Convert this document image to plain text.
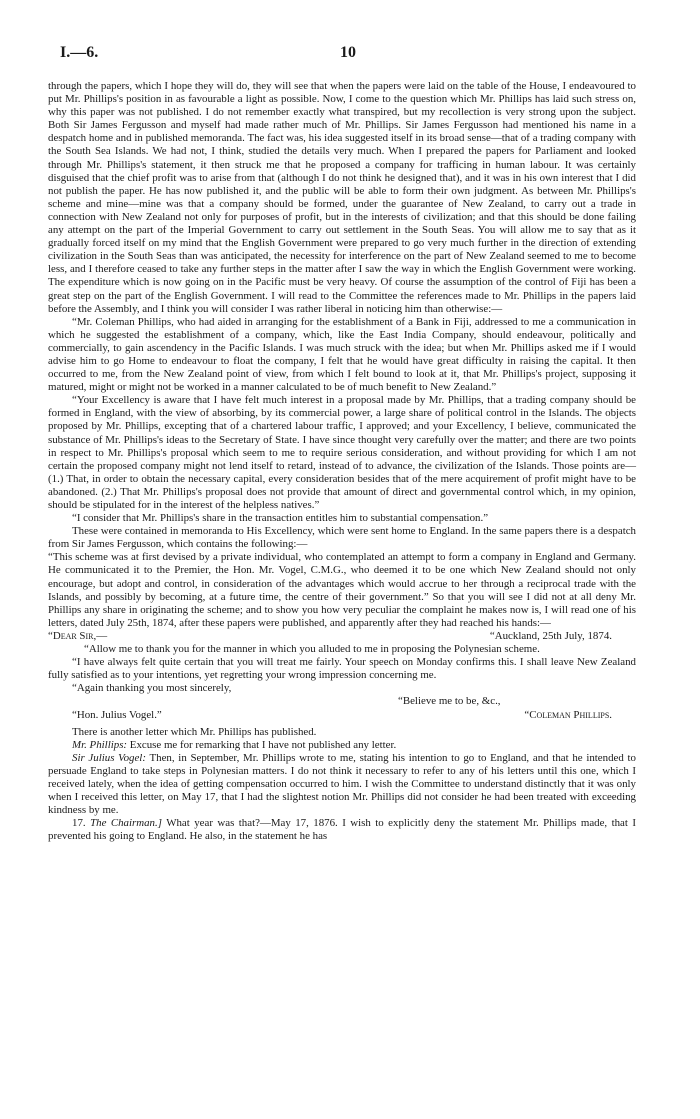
I.—6.	10

through the papers, which I hope they will do, they will see that when the papers were laid on the table of the House, I endeavoured to put Mr. Phillips's position in as favourable a light as possible. Now, I come to the question which Mr. Phillips has laid such stress on, why this paper was not published. I do not remember exactly what transpired, but my recollection is very strong upon the subject. Both Sir James Fergusson and myself had made rather much of Mr. Phillips. Sir James Fergusson had mentioned his name in a despatch home and in published memoranda. The fact was, his idea suggested itself in its broad sense—that of a trading company with the South Sea Islands. We had not, I think, studied the details very much. When I prepared the papers for Parliament and looked through Mr. Phillips's statement, it then struck me that he proposed a company for trafficing in human labour. It was certainly disguised that the chief profit was to arise from that (although I do not think he designed that), and it was in his own interest that I did not publish the paper. He has now published it, and the public will be able to form their own judgment. As between Mr. Phillips's scheme and mine—mine was that a company should be formed, under the guarantee of New Zealand, to carry out a trade in connection with New Zealand not only for purposes of profit, but in the interests of civilization; and that this should be done failing any attempt on the part of the Imperial Government to carry out settlement in the South Seas. You will allow me to say that as it gradually forced itself on my mind that the English Government were prepared to go very much further in the direction of extending civilization in the South Seas than was anticipated, the necessity for interference on the part of New Zealand seemed to me to become less, and I therefore ceased to take any further steps in the matter after I saw the way in which the English Government were working. The expenditure which is now going on in the Pacific must be very heavy. Of course the assumption of the control of Fiji has been a great step on the part of the English Government. I will read to the Committee the references made to Mr. Phillips in the papers laid before the Assembly, and I think you will consider I was rather liberal in noticing him than otherwise:—

“Mr. Coleman Phillips, who had aided in arranging for the establishment of a Bank in Fiji, addressed to me a communication in which he suggested the establishment of a company, which, like the East India Company, should endeavour, politically and commercially, to gain ascendency in the Pacific Islands. I was much struck with the idea; but when Mr. Phillips asked me if I would advise him to go Home to endeavour to float the company, I felt that he would have great difficulty in raising the capital. It then occurred to me, from the New Zealand point of view, from which I felt bound to look at it, that Mr. Phillips's project, supposing it matured, might or might not be worked in a manner calculated to be of much benefit to New Zealand.”

“Your Excellency is aware that I have felt much interest in a proposal made by Mr. Phillips, that a trading company should be formed in England, with the view of absorbing, by its commercial power, a large share of political control in the Islands. The objects proposed by Mr. Phillips, excepting that of a chartered labour traffic, I approved; and your Excellency, I believe, communicated the substance of Mr. Phillips's ideas to the Secretary of State. I have since thought very carefully over the matter; and there are two points in respect to Mr. Phillips's proposal which seem to me to require serious consideration, and without providing for which I am not certain the proposed company might not lend itself to retard, instead of to advance, the civilization of the Islands. Those points are—(1.) That, in order to obtain the necessary capital, every consideration besides that of the mere acquirement of profit might have to be abandoned. (2.) That Mr. Phillips's proposal does not provide that amount of direct and governmental control which, in my opinion, should be stipulated for in the interest of the helpless natives.”

“I consider that Mr. Phillips's share in the transaction entitles him to substantial compensation.”

These were contained in memoranda to His Excellency, which were sent home to England. In the same papers there is a despatch from Sir James Fergusson, which contains the following:—

“This scheme was at first devised by a private individual, who contemplated an attempt to form a company in England and Germany. He communicated it to the Premier, the Hon. Mr. Vogel, C.M.G., who deemed it to be one which New Zealand should not only encourage, but adopt and control, in consideration of the advantages which would accrue to her through a reciprocal trade with the Islands, and possibly by becoming, at a future time, the centre of their government.” So that you will see I did not at all deny Mr. Phillips any share in originating the scheme; and to show you how very peculiar the complaint he makes now is, I will read one of his letters, dated July 25th, 1874, after these papers were published, and apparently after they had reached his hands:—

“Dear Sir,—	“Auckland, 25th July, 1874.

“Allow me to thank you for the manner in which you alluded to me in proposing the Polynesian scheme.

“I have always felt quite certain that you will treat me fairly. Your speech on Monday confirms this. I shall leave New Zealand fully satisfied as to your intentions, yet regretting your wrong impression concerning me.

“Again thanking you most sincerely,

“Believe me to be, &c.,

“Hon. Julius Vogel.”	“Coleman Phillips.

There is another letter which Mr. Phillips has published.

Mr. Phillips: Excuse me for remarking that I have not published any letter.

Sir Julius Vogel: Then, in September, Mr. Phillips wrote to me, stating his intention to go to England, and that he intended to persuade England to take steps in Polynesian matters. I do not think it necessary to refer to any of his letters until this one, which I received lately, when the idea of getting compensation occurred to him. I wish the Committee to understand distinctly that it was only when I received this letter, on May 17, that I had the slightest notion Mr. Phillips did not consider he had been treated with exceeding kindness by me.

17. The Chairman.] What year was that?—May 17, 1876. I wish to explicitly deny the statement Mr. Phillips made, that I prevented his going to England. He also, in the statement he has
